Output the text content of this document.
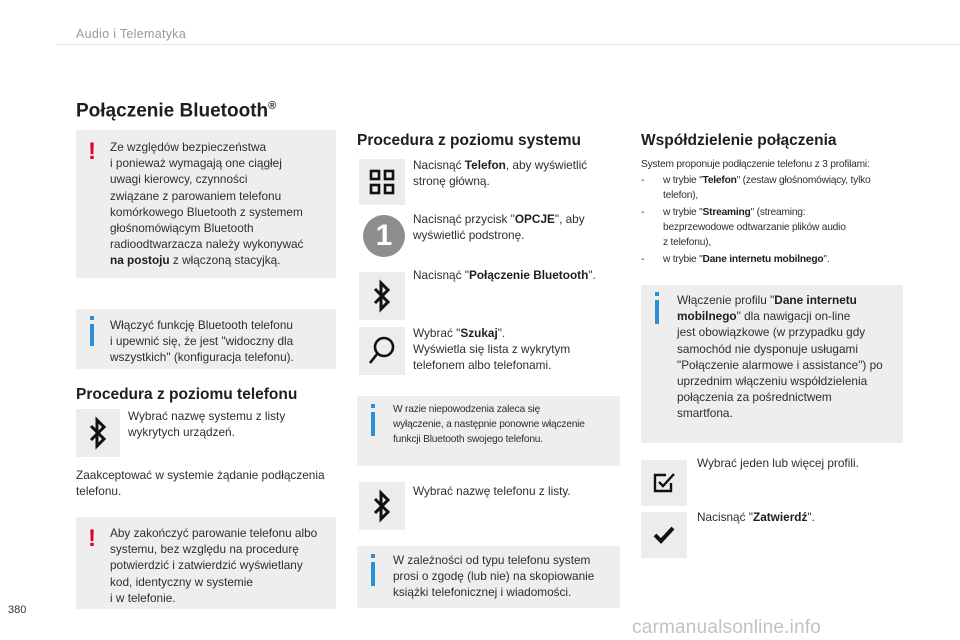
Audio i Telematyka
Połączenie Bluetooth®
! Ze względów bezpieczeństwa
i ponieważ wymagają one ciągłej
uwagi kierowcy, czynności
związane z parowaniem telefonu
komórkowego Bluetooth z systemem
głośnomówiącym Bluetooth
radioodtwarzacza należy wykonywać
na postoju z włączoną stacyjką.
Włączyć funkcję Bluetooth telefonu
i upewnić się, że jest "widoczny dla
wszystkich" (konfiguracja telefonu).
Procedura z poziomu telefonu
Wybrać nazwę systemu z listy
wykrytych urządzeń.
Zaakceptować w systemie żądanie podłączenia
telefonu.
! Aby zakończyć parowanie telefonu albo
systemu, bez względu na procedurę
potwierdzić i zatwierdzić wyświetlany
kod, identyczny w systemie
i w telefonie.
Procedura z poziomu systemu
Nacisnąć Telefon, aby wyświetlić
stronę główną.
1	Nacisnąć przycisk "OPCJE", aby
wyświetlić podstronę.
Nacisnąć "Połączenie Bluetooth".
Wybrać "Szukaj".
Wyświetla się lista z wykrytym
telefonem albo telefonami.
W razie niepowodzenia zaleca się
wyłączenie, a następnie ponowne włączenie
funkcji Bluetooth swojego telefonu.
Wybrać nazwę telefonu z listy.
W zależności od typu telefonu system
prosi o zgodę (lub nie) na skopiowanie
książki telefonicznej i wiadomości.
Współdzielenie połączenia
System proponuje podłączenie telefonu z 3 profilami:
-	w trybie "Telefon" (zestaw głośnomówiący, tylko
telefon),
-	w trybie "Streaming" (streaming:
bezprzewodowe odtwarzanie plików audio
z telefonu),
-	w trybie "Dane internetu mobilnego".
Włączenie profilu "Dane internetu
mobilnego" dla nawigacji on-line
jest obowiązkowe (w przypadku gdy
samochód nie dysponuje usługami
"Połączenie alarmowe i assistance") po
uprzednim włączeniu współdzielenia
połączenia za pośrednictwem
smartfona.
Wybrać jeden lub więcej profili.
Nacisnąć "Zatwierdź".
380
carmanualsonline.info
